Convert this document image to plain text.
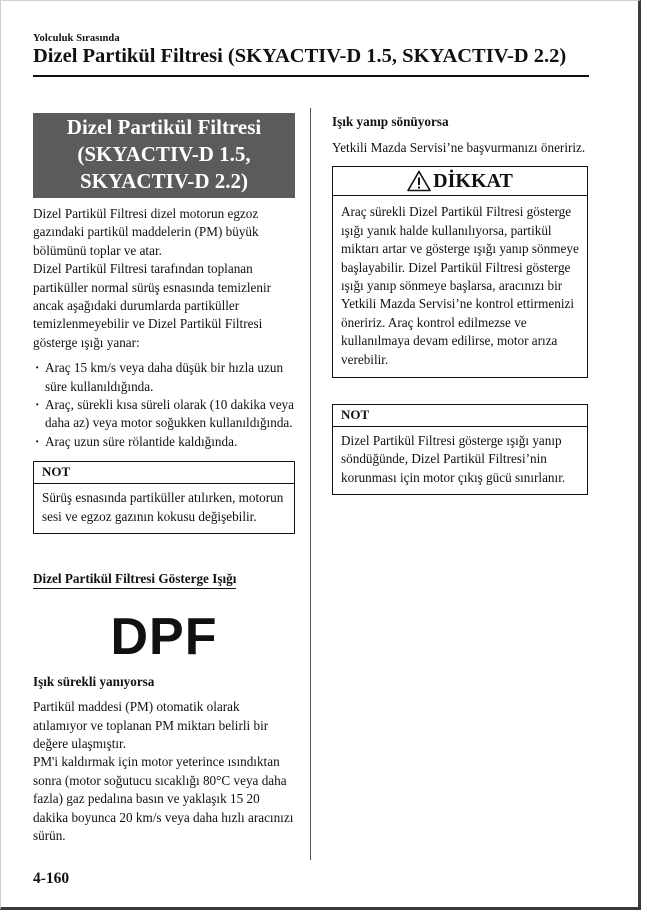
Yolculuk Sırasında
Dizel Partikül Filtresi (SKYACTIV-D 1.5, SKYACTIV-D 2.2)
Dizel Partikül Filtresi
(SKYACTIV-D 1.5,
SKYACTIV-D 2.2)

Dizel Partikül Filtresi dizel motorun egzoz gazındaki partikül maddelerin (PM) büyük bölümünü toplar ve atar.

Dizel Partikül Filtresi tarafından toplanan partiküller normal sürüş esnasında temizlenir ancak aşağıdaki durumlarda partiküller temizlenmeyebilir ve Dizel Partikül Filtresi gösterge ışığı yanar:

· Araç 15 km/s veya daha düşük bir hızla uzun süre kullanıldığında.
· Araç, sürekli kısa süreli olarak (10 dakika veya daha az) veya motor soğukken kullanıldığında.
· Araç uzun süre rölantide kaldığında.
NOT
Sürüş esnasında partiküller atılırken, motorun sesi ve egzoz gazının kokusu değişebilir.
Dizel Partikül Filtresi Gösterge Işığı
DPF
Işık sürekli yanıyorsa

Partikül maddesi (PM) otomatik olarak atılamıyor ve toplanan PM miktarı belirli bir değere ulaşmıştır.

PM'i kaldırmak için motor yeterince ısındıktan sonra (motor soğutucu sıcaklığı 80°C veya daha fazla) gaz pedalına basın ve yaklaşık 15 20 dakika boyunca 20 km/s veya daha hızlı aracınızı sürün.

Işık yanıp sönüyorsa

Yetkili Mazda Servisi’ne başvurmanızı öneririz.

DİKKAT
Araç sürekli Dizel Partikül Filtresi gösterge ışığı yanık halde kullanılıyorsa, partikül miktarı artar ve gösterge ışığı yanıp sönmeye başlayabilir. Dizel Partikül Filtresi gösterge ışığı yanıp sönmeye başlarsa, aracınızı bir Yetkili Mazda Servisi’ne kontrol ettirmenizi öneririz. Araç kontrol edilmezse ve kullanılmaya devam edilirse, motor arıza verebilir.
NOT
Dizel Partikül Filtresi gösterge ışığı yanıp söndüğünde, Dizel Partikül Filtresi’nin korunması için motor çıkış gücü sınırlanır.
4-160
